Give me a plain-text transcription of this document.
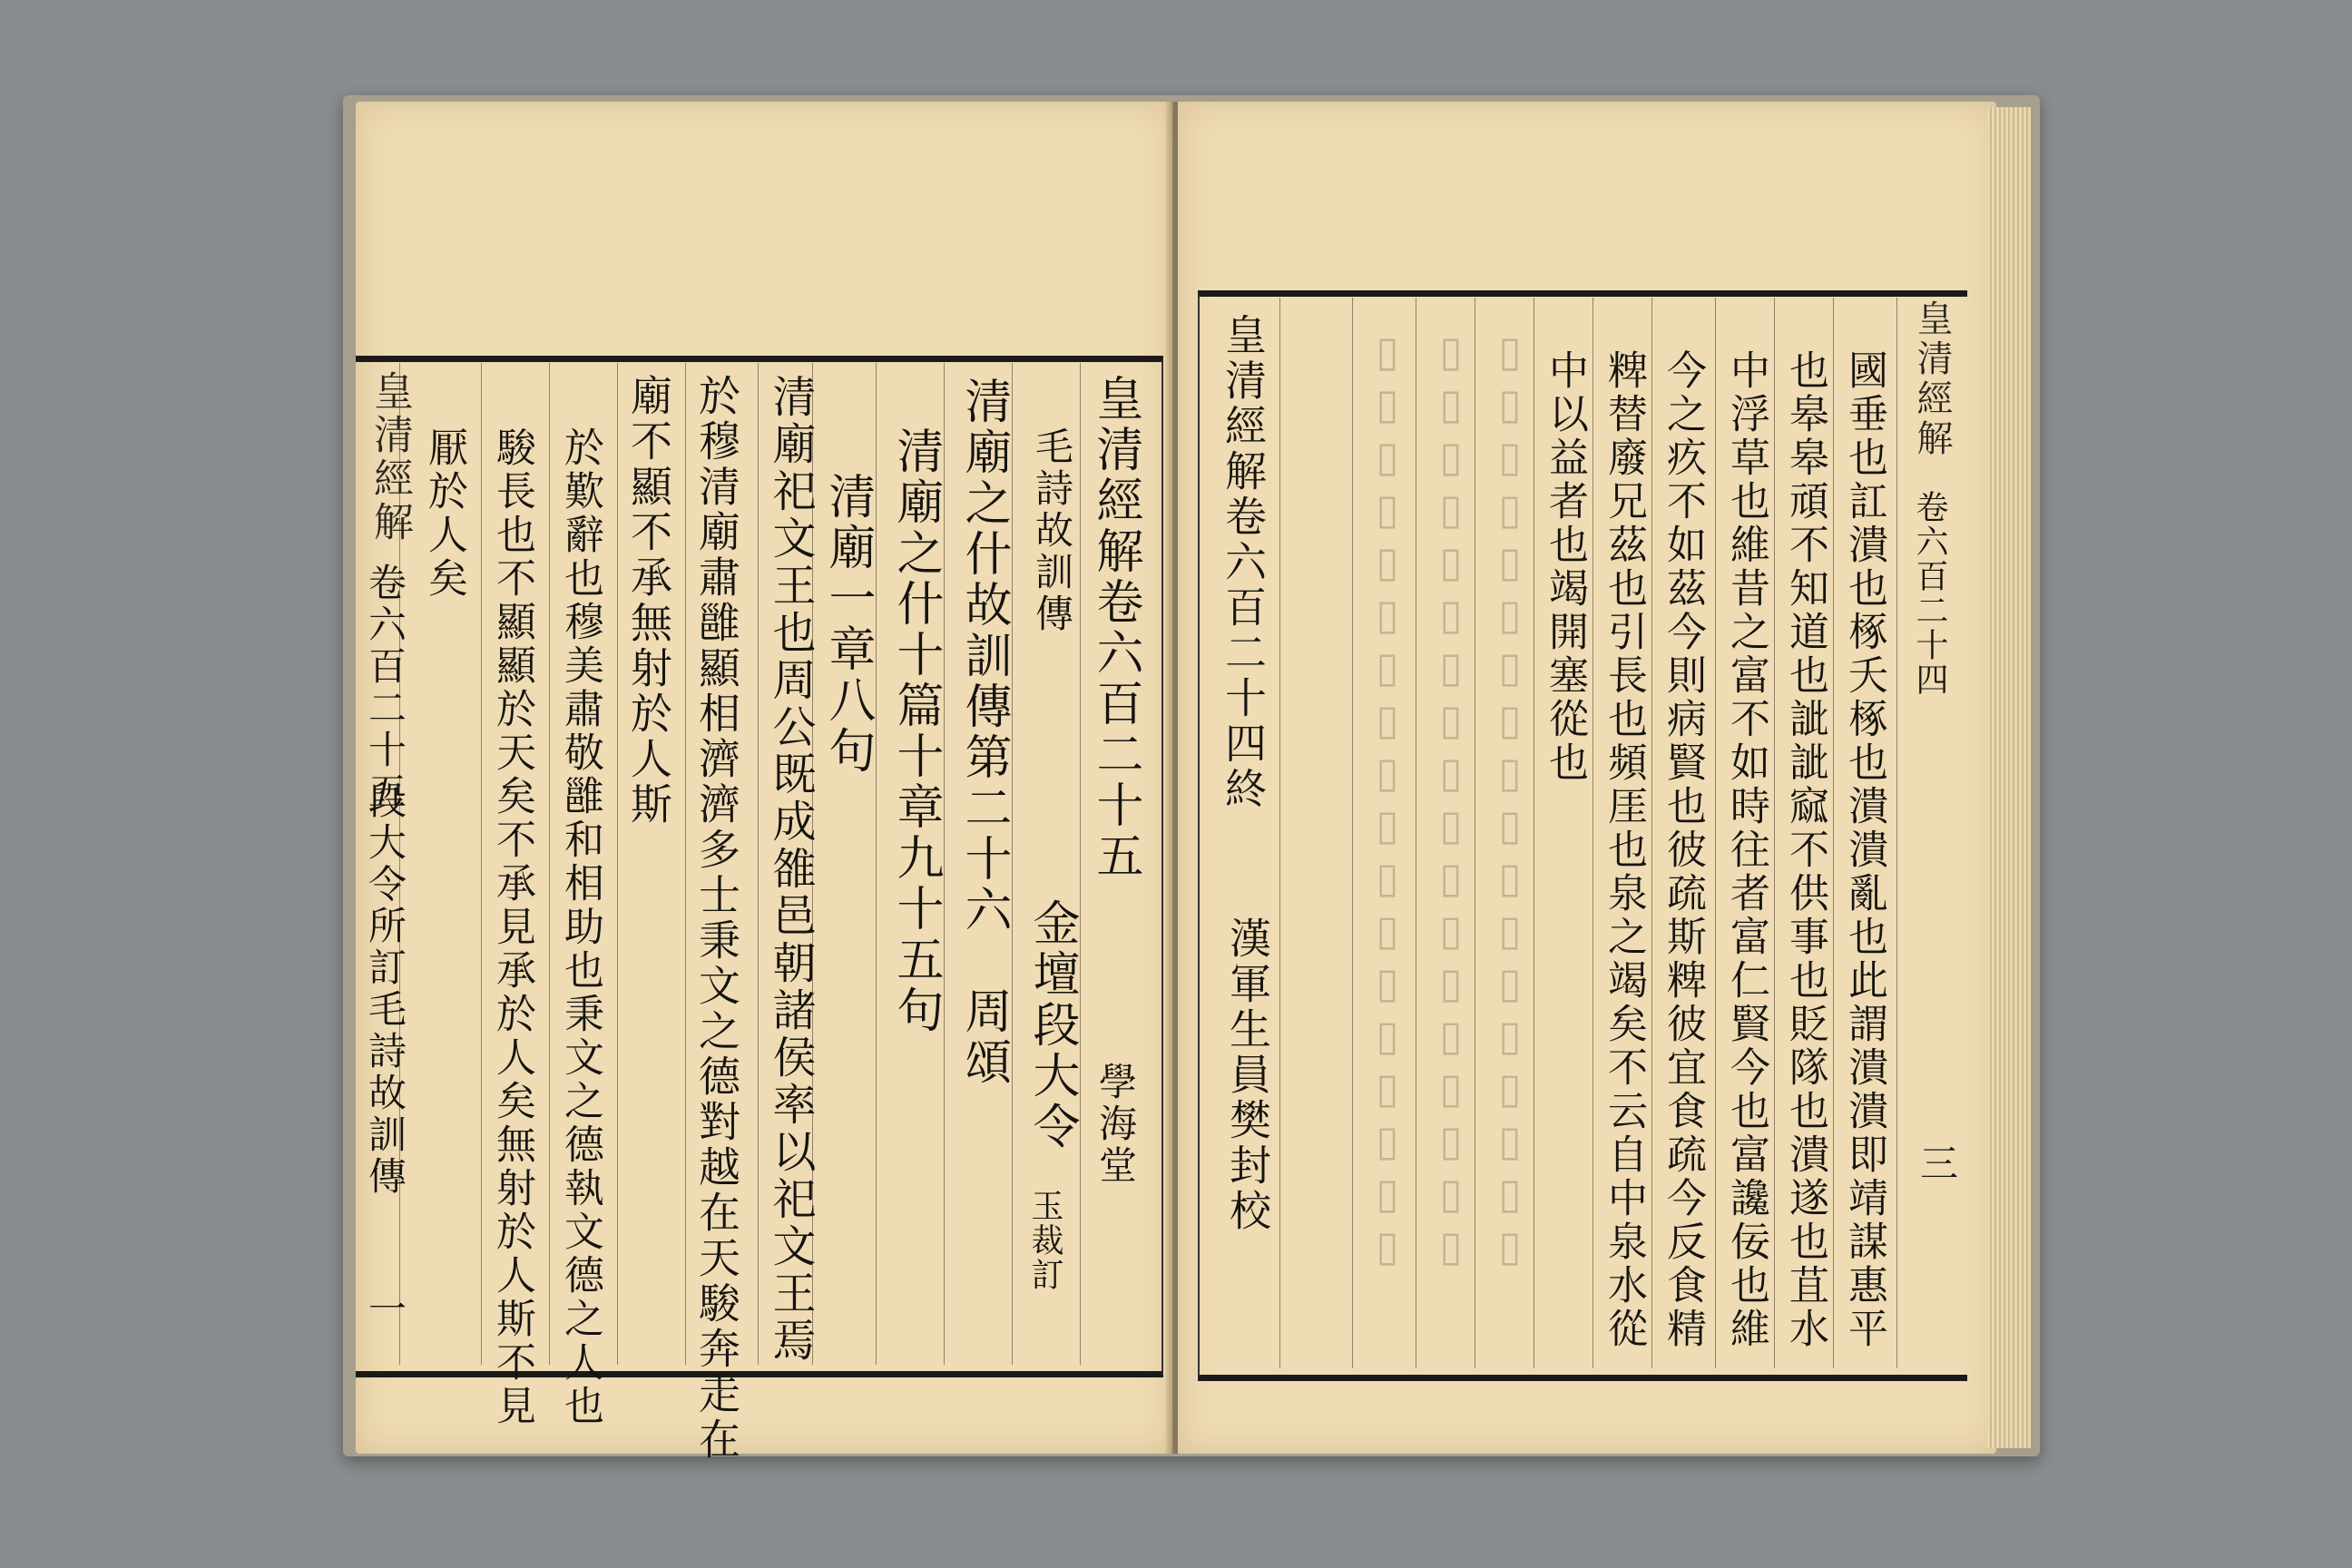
皇清經解
卷六百二十五
段大令所訂毛詩故訓傳
一
皇清經解卷六百二十五
毛詩故訓傳
清廟之什故訓傳第二十六　周頌
清廟之什十篇十章九十五句
清廟一章八句
清廟祀文王也周公既成雒邑朝諸侯率以祀文王焉
於穆清廟肅雝顯相濟濟多士秉文之德對越在天駿奔走在
廟不顯不承無射於人斯
於歎辭也穆美肅敬雝和相助也秉文之德執文德之人也
駿長也不顯顯於天矣不承見承於人矣無射於人斯不見
厭於人矣
學海堂
金壇段大令
玉裁訂	▯▯▯▯▯▯▯▯▯▯▯▯▯▯▯▯▯▯ ▯▯▯▯▯▯▯▯▯▯▯▯▯▯▯▯▯▯ ▯▯▯▯▯▯▯▯▯▯▯▯▯▯▯▯▯▯	國垂也訌潰也椓夭椓也潰潰亂也此謂潰潰即靖謀惠平
也皋皋頑不知道也訿訿窳不供事也貶隊也潰遂也苴水
中浮草也維昔之富不如時往者富仁賢今也富讒佞也維
今之疚不如茲今則病賢也彼疏斯粺彼宜食疏今反食精
粺替廢兄茲也引長也頻厓也泉之竭矣不云自中泉水從
中以益者也竭開塞從也
皇清經解卷六百二十四終
漢軍生員樊封校
皇清經解
卷六百二十四
三
